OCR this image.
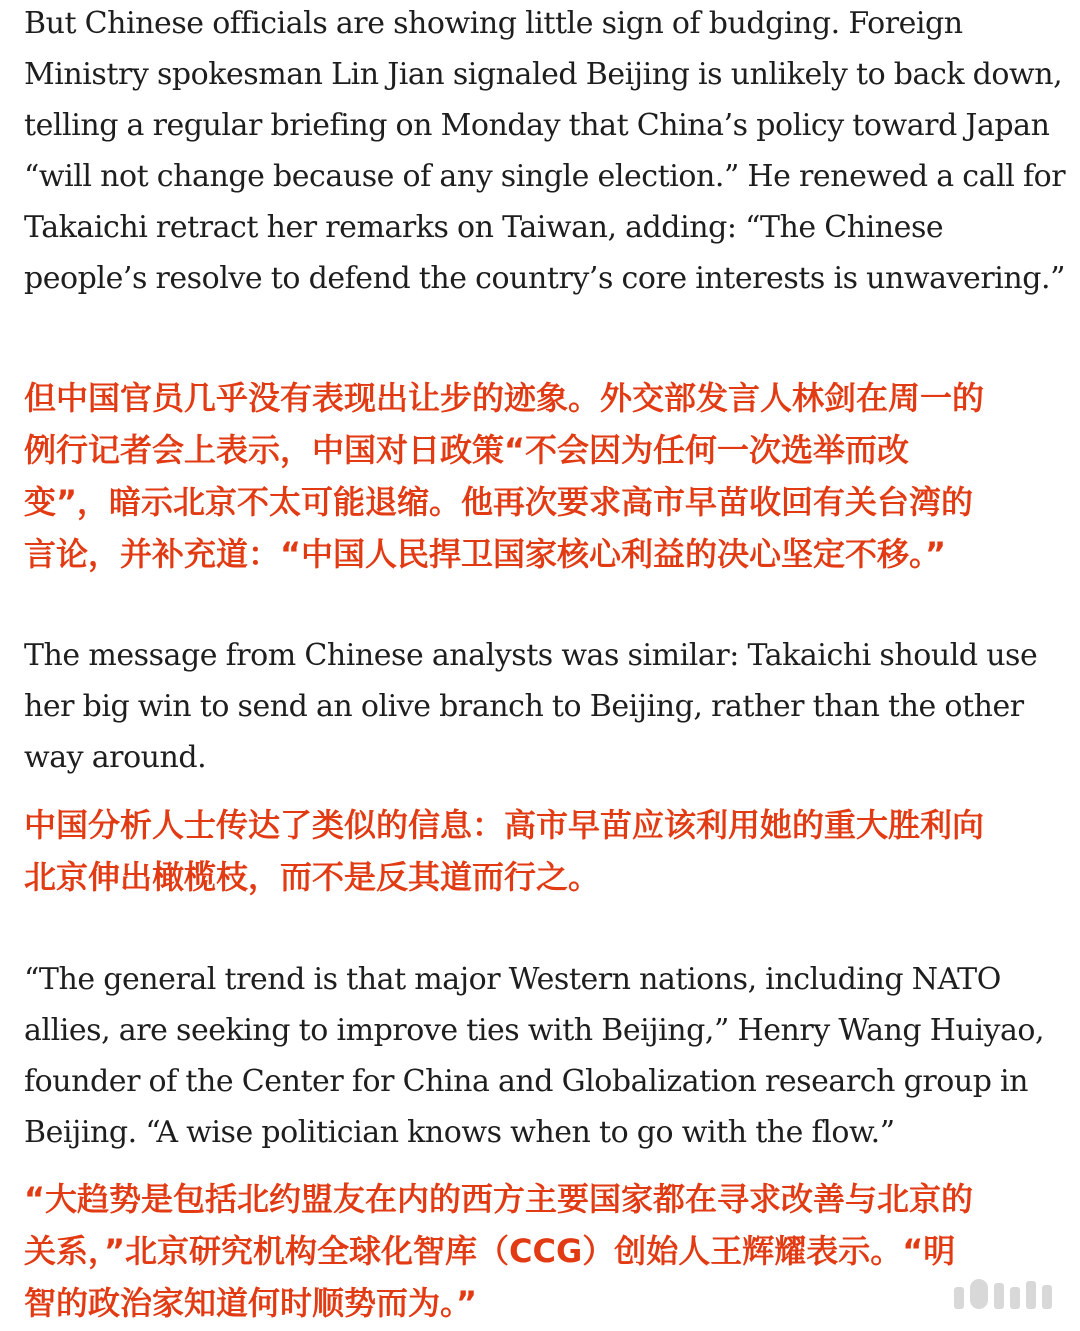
But Chinese officials are showing little sign of budging. Foreign Ministry spokesman Lin Jian signaled Beijing is unlikely to back down, telling a regular briefing on Monday that China’s policy toward Japan “will not change because of any single election.” He renewed a call for Takaichi retract her remarks on Taiwan, adding: “The Chinese people’s resolve to defend the country’s core interests is unwavering.”

但中国官员几乎没有表现出让步的迹象。外交部发言人林剑在周一的
例行记者会上表示，中国对日政策“不会因为任何一次选举而改
变”，暗示北京不太可能退缩。他再次要求高市早苗收回有关台湾的
言论，并补充道：“中国人民捍卫国家核心利益的决心坚定不移。”

The message from Chinese analysts was similar: Takaichi should use her big win to send an olive branch to Beijing, rather than the other way around.

中国分析人士传达了类似的信息：高市早苗应该利用她的重大胜利向
北京伸出橄榄枝，而不是反其道而行之。

“The general trend is that major Western nations, including NATO allies, are seeking to improve ties with Beijing,” Henry Wang Huiyao, founder of the Center for China and Globalization research group in Beijing. “A wise politician knows when to go with the flow.”

“大趋势是包括北约盟友在内的西方主要国家都在寻求改善与北京的
关系，”北京研究机构全球化智库（CCG）创始人王辉耀表示。“明
智的政治家知道何时顺势而为。”
